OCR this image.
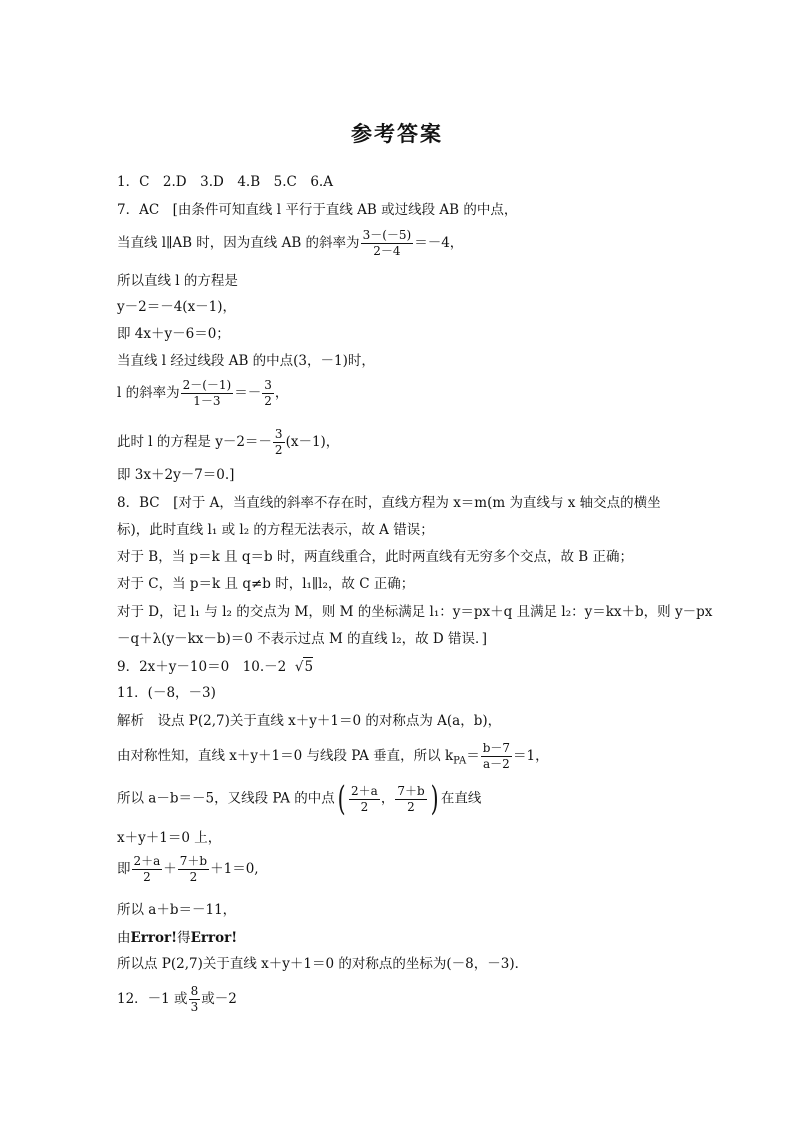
参考答案
1．C　2.D　3.D　4.B　5.C　6.A
7．AC　[由条件可知直线 l 平行于直线 AB 或过线段 AB 的中点，
当直线 l∥AB 时，因为直线 AB 的斜率为 $\frac{3-(-5)}{2-4} =-4$，
所以直线 l 的方程是
y－2＝－4(x－1)，
即 4x＋y－6＝0；
当直线 l 经过线段 AB 的中点(3，－1)时，
l 的斜率为 $\frac{2-(-1)}{1-3} =- \frac{3}{2}$ ，
此时 l 的方程是 $y-2=- \frac{3}{2} (x-1)$，
即 3x＋2y－7＝0.]
8．BC　[对于 A，当直线的斜率不存在时，直线方程为 x＝m(m 为直线与 x 轴交点的横坐
标)，此时直线 l₁ 或 l₂ 的方程无法表示，故 A 错误；
对于 B，当 p＝k 且 q＝b 时，两直线重合，此时两直线有无穷多个交点，故 B 正确；
对于 C，当 p＝k 且 q≠b 时，l₁∥l₂，故 C 正确；
对于 D，记 l₁ 与 l₂ 的交点为 M，则 M 的坐标满足 l₁：y＝px＋q 且满足 l₂：y＝kx＋b，则 y－px
－q＋λ(y－kx－b)＝0 不表示过点 M 的直线 l₂，故 D 错误．]
9．2x＋y－10＝0　10.－2 √5
11．(－8，－3)
解析　设点 P(2,7)关于直线 x＋y＋1＝0 的对称点为 A(a，b)，
由对称性知，直线 x＋y＋1＝0 与线段 PA 垂直，所以 $k_{PA}= \frac{b-7}{a-2} =1$，
所以 a－b＝－5，又线段 PA 的中点( $\frac{2+a}{2}$ ， $\frac{7+b}{2}$ ) 在直线
x＋y＋1＝0 上，
即 $\frac{2+a}{2} + \frac{7+b}{2} +1=0$,
所以 a＋b＝－11，
由Error!得Error!
所以点 P(2,7)关于直线 x＋y＋1＝0 的对称点的坐标为(－8，－3)．
12．－1 或 $\frac{8}{3}$ 或－2
